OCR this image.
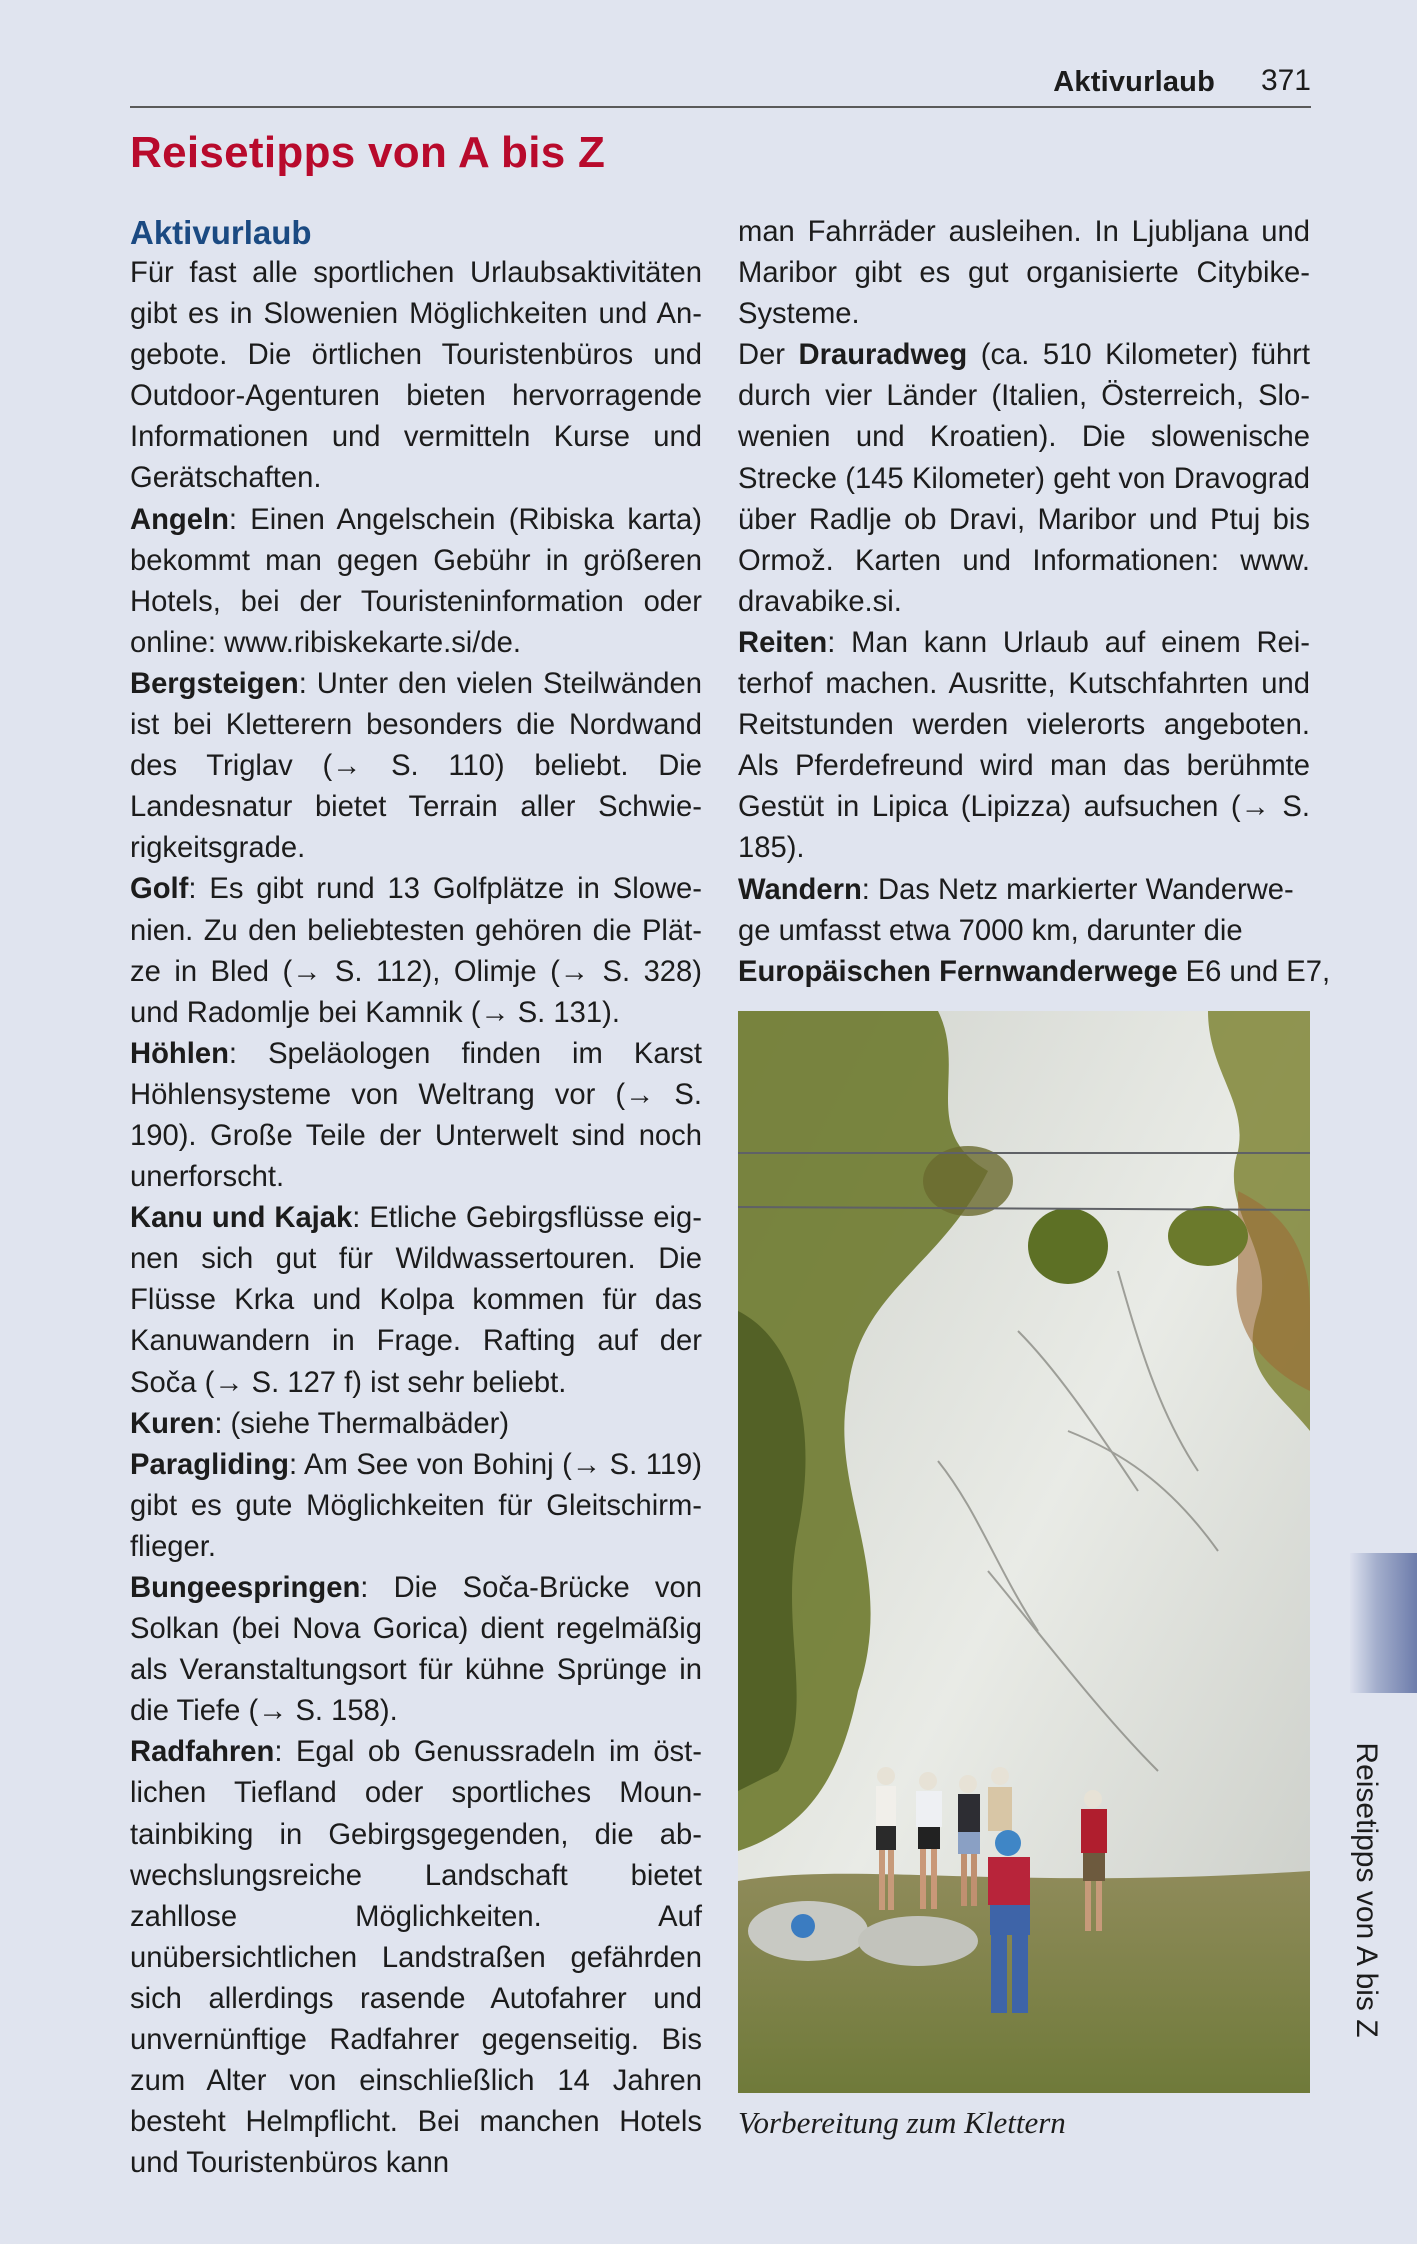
Aktivurlaub 371
Reisetipps von A bis Z
Aktivurlaub

Für fast alle sportlichen Urlaubsaktivitäten gibt es in Slowenien Möglichkeiten und Angebote. Die örtlichen Touristenbüros und Outdoor-Agenturen bieten hervorragende Informationen und vermitteln Kurse und Gerätschaften.

Angeln: Einen Angelschein (Ribiska karta) bekommt man gegen Gebühr in größeren Hotels, bei der Touristeninformation oder online: www.ribiskekarte.si/de.

Bergsteigen: Unter den vielen Steilwänden ist bei Kletterern besonders die Nordwand des Triglav (→ S. 110) beliebt. Die Landesnatur bietet Terrain aller Schwierigkeitsgrade.

Golf: Es gibt rund 13 Golfplätze in Slowenien. Zu den beliebtesten gehören die Plätze in Bled (→ S. 112), Olimje (→ S. 328) und Radomlje bei Kamnik (→ S. 131).

Höhlen: Speläologen finden im Karst Höhlensysteme von Weltrang vor (→ S. 190). Große Teile der Unterwelt sind noch unerforscht.

Kanu und Kajak: Etliche Gebirgsflüsse eignen sich gut für Wildwassertouren. Die Flüsse Krka und Kolpa kommen für das Kanuwandern in Frage. Rafting auf der Soča (→ S. 127 f) ist sehr beliebt.

Kuren: (siehe Thermalbäder)

Paragliding: Am See von Bohinj (→ S. 119) gibt es gute Möglichkeiten für Gleitschirmflieger.

Bungeespringen: Die Soča-Brücke von Solkan (bei Nova Gorica) dient regelmäßig als Veranstaltungsort für kühne Sprünge in die Tiefe (→ S. 158).

Radfahren: Egal ob Genussradeln im östlichen Tiefland oder sportliches Mountainbiking in Gebirgsgegenden, die abwechslungsreiche Landschaft bietet zahllose Möglichkeiten. Auf unübersichtlichen Landstraßen gefährden sich allerdings rasende Autofahrer und unvernünftige Radfahrer gegenseitig. Bis zum Alter von einschließlich 14 Jahren besteht Helmpflicht. Bei manchen Hotels und Touristenbüros kann

man Fahrräder ausleihen. In Ljubljana und Maribor gibt es gut organisierte Citybike-Systeme.

Der Drauradweg (ca. 510 Kilometer) führt durch vier Länder (Italien, Österreich, Slowenien und Kroatien). Die slowenische Strecke (145 Kilometer) geht von Dravograd über Radlje ob Dravi, Maribor und Ptuj bis Ormož. Karten und Informationen: www.​dravabike.si.

Reiten: Man kann Urlaub auf einem Reiterhof machen. Ausritte, Kutschfahrten und Reitstunden werden vielerorts angeboten. Als Pferdefreund wird man das berühmte Gestüt in Lipica (Lipizza) aufsuchen (→ S. 185).

Wandern: Das Netz markierter Wanderwege umfasst etwa 7000 km, darunter die Europäischen Fernwanderwege E6 und E7,

Vorbereitung zum Klettern
Reisetipps von A bis Z
